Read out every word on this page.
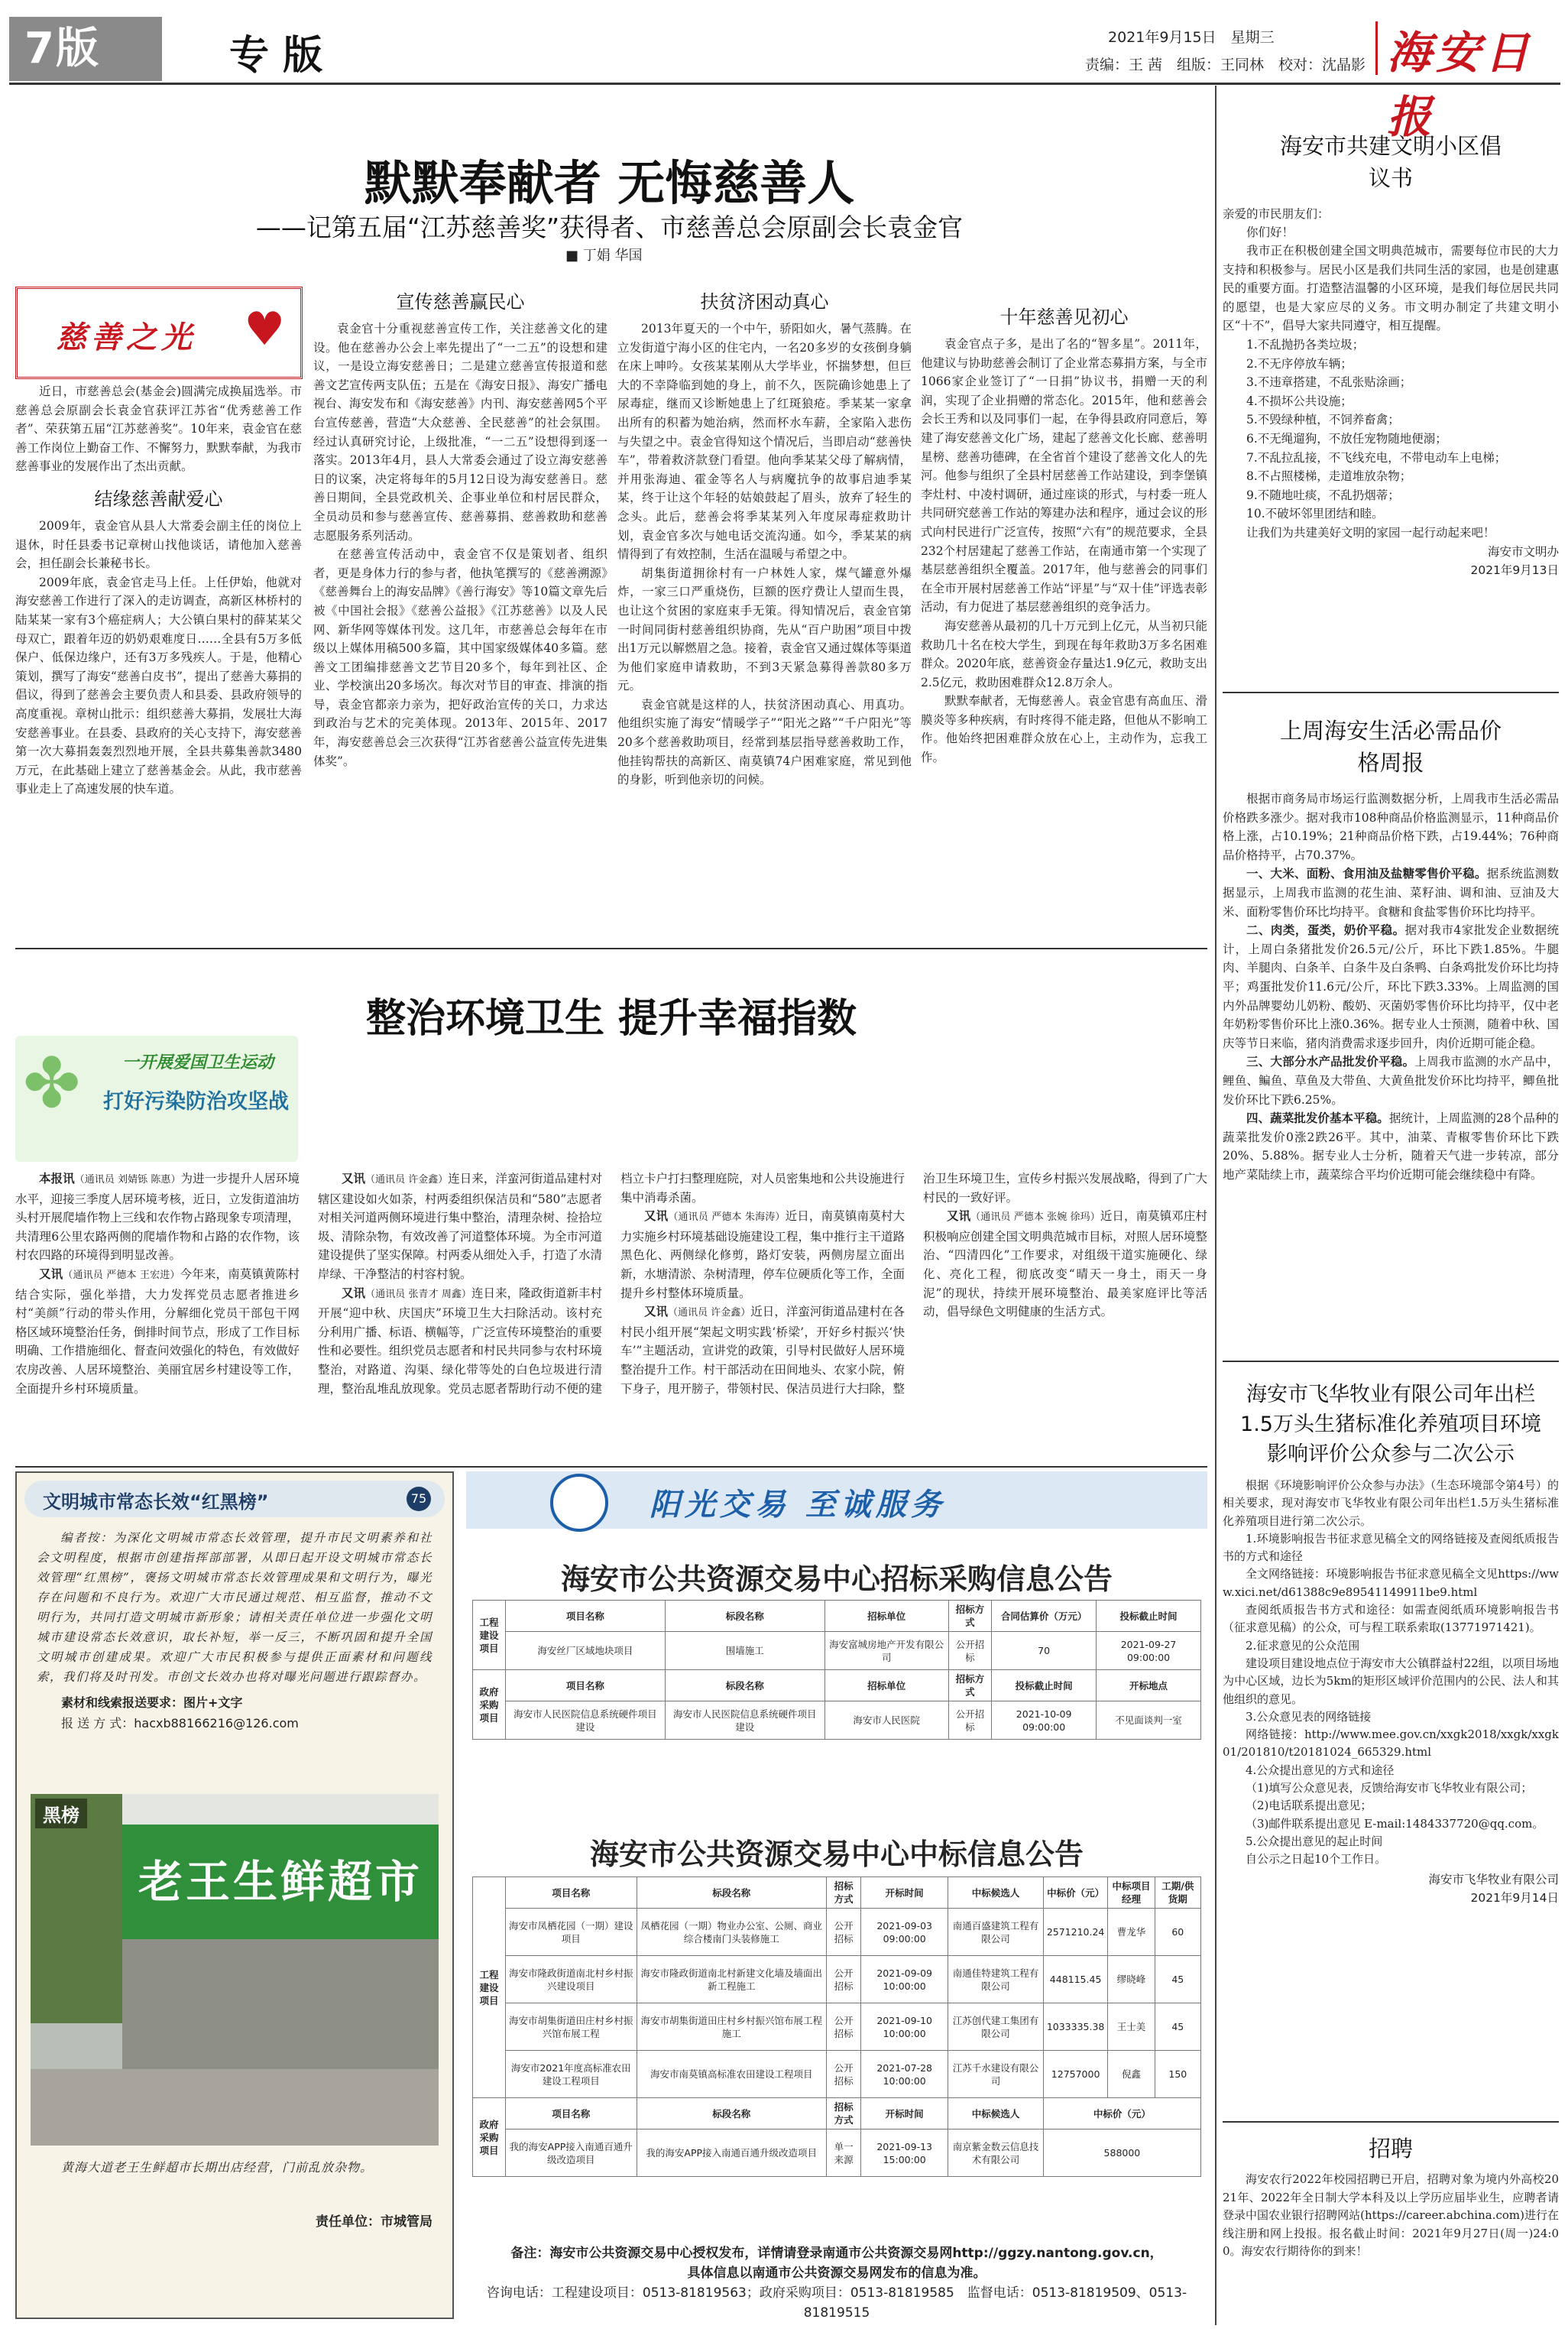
7版	专 版	2021年9月15日　星期三
责编：王 茜　组版：王同林　校对：沈晶影 海安日报
默默奉献者 无悔慈善人
——记第五届“江苏慈善奖”获得者、市慈善总会原副会长袁金官
■ 丁娟 华国
慈善之光	♥

近日，市慈善总会(基金会)圆满完成换届选举。市慈善总会原副会长袁金官获评江苏省“优秀慈善工作者”、荣获第五届“江苏慈善奖”。10年来，袁金官在慈善工作岗位上勤奋工作、不懈努力，默默奉献，为我市慈善事业的发展作出了杰出贡献。

结缘慈善献爱心

2009年，袁金官从县人大常委会副主任的岗位上退休，时任县委书记章树山找他谈话，请他加入慈善会，担任副会长兼秘书长。

2009年底，袁金官走马上任。上任伊始，他就对海安慈善工作进行了深入的走访调查，高新区林桥村的陆某某一家有3个癌症病人；大公镇白果村的薛某某父母双亡，跟着年迈的奶奶艰难度日……全县有5万多低保户、低保边缘户，还有3万多残疾人。于是，他精心策划，撰写了海安“慈善白皮书”，提出了慈善大募捐的倡议，得到了慈善会主要负责人和县委、县政府领导的高度重视。章树山批示：组织慈善大募捐，发展壮大海安慈善事业。在县委、县政府的关心支持下，海安慈善第一次大募捐轰轰烈烈地开展，全县共募集善款3480万元，在此基础上建立了慈善基金会。从此，我市慈善事业走上了高速发展的快车道。

宣传慈善赢民心

袁金官十分重视慈善宣传工作，关注慈善文化的建设。他在慈善办公会上率先提出了“一二五”的设想和建议，一是设立海安慈善日；二是建立慈善宣传报道和慈善文艺宣传两支队伍；五是在《海安日报》、海安广播电视台、海安发布和《海安慈善》内刊、海安慈善网5个平台宣传慈善，营造“大众慈善、全民慈善”的社会氛围。经过认真研究讨论，上级批准，“一二五”设想得到逐一落实。2013年4月，县人大常委会通过了设立海安慈善日的议案，决定将每年的5月12日设为海安慈善日。慈善日期间，全县党政机关、企事业单位和村居民群众，全员动员和参与慈善宣传、慈善募捐、慈善救助和慈善志愿服务系列活动。

在慈善宣传活动中，袁金官不仅是策划者、组织者，更是身体力行的参与者，他执笔撰写的《慈善溯源》《慈善舞台上的海安品牌》《善行海安》等10篇文章先后被《中国社会报》《慈善公益报》《江苏慈善》以及人民网、新华网等媒体刊发。这几年，市慈善总会每年在市级以上媒体用稿500多篇，其中国家级媒体40多篇。慈善文工团编排慈善文艺节目20多个，每年到社区、企业、学校演出20多场次。每次对节目的审查、排演的指导，袁金官都亲力亲为，把好政治宣传的关口，力求达到政治与艺术的完美体现。2013年、2015年、2017年，海安慈善总会三次获得“江苏省慈善公益宣传先进集体奖”。

扶贫济困动真心

2013年夏天的一个中午，骄阳如火，暑气蒸腾。在立发街道宁海小区的住宅内，一名20多岁的女孩倒身躺在床上呻吟。女孩某某刚从大学毕业，怀揣梦想，但巨大的不幸降临到她的身上，前不久，医院确诊她患上了尿毒症，继而又诊断她患上了红斑狼疮。季某某一家拿出所有的积蓄为她治病，然而杯水车薪，全家陷入悲伤与失望之中。袁金官得知这个情况后，当即启动“慈善快车”，带着救济款登门看望。他向季某某父母了解病情，并用张海迪、霍金等名人与病魔抗争的故事启迪季某某，终于让这个年轻的姑娘鼓起了眉头，放弃了轻生的念头。此后，慈善会将季某某列入年度尿毒症救助计划，袁金官多次与她电话交流沟通。如今，季某某的病情得到了有效控制，生活在温暖与希望之中。

胡集街道拥徐村有一户林姓人家，煤气罐意外爆炸，一家三口严重烧伤，巨额的医疗费让人望而生畏，也让这个贫困的家庭束手无策。得知情况后，袁金官第一时间同街村慈善组织协商，先从“百户助困”项目中拨出1万元以解燃眉之急。接着，袁金官又通过媒体等渠道为他们家庭申请救助，不到3天紧急募得善款80多万元。

袁金官就是这样的人，扶贫济困动真心、用真功。他组织实施了海安“情暖学子”“阳光之路”“千户阳光”等20多个慈善救助项目，经常到基层指导慈善救助工作，他挂钩帮扶的高新区、南莫镇74户困难家庭，常见到他的身影，听到他亲切的问候。

十年慈善见初心

袁金官点子多，是出了名的“智多星”。2011年，他建议与协助慈善会制订了企业常态募捐方案，与全市1066家企业签订了“一日捐”协议书，捐赠一天的利润，实现了企业捐赠的常态化。2015年，他和慈善会会长王秀和以及同事们一起，在争得县政府同意后，筹建了海安慈善文化广场，建起了慈善文化长廊、慈善明星榜、慈善功德碑，在全省首个建设了慈善文化人的先河。他参与组织了全县村居慈善工作站建设，到李堡镇李灶村、中凌村调研，通过座谈的形式，与村委一班人共同研究慈善工作站的筹建办法和程序，通过会议的形式向村民进行广泛宣传，按照“六有”的规范要求，全县232个村居建起了慈善工作站，在南通市第一个实现了基层慈善组织全覆盖。2017年，他与慈善会的同事们在全市开展村居慈善工作站“评星”与“双十佳”评选表彰活动，有力促进了基层慈善组织的竞争活力。

海安慈善从最初的几十万元到上亿元，从当初只能救助几十名在校大学生，到现在每年救助3万多名困难群众。2020年底，慈善资金存量达1.9亿元，救助支出2.5亿元，救助困难群众12.8万余人。

默默奉献者，无悔慈善人。袁金官患有高血压、滑膜炎等多种疾病，有时疼得不能走路，但他从不影响工作。他始终把困难群众放在心上，主动作为，忘我工作。

整治环境卫生 提升幸福指数
✤ 一开展爱国卫生运动
打好污染防治攻坚战

本报讯（通讯员 刘婧铄 陈惠）为进一步提升人居环境水平，迎接三季度人居环境考核，近日，立发街道油坊头村开展爬墙作物上三线和农作物占路现象专项清理，共清理6公里农路两侧的爬墙作物和占路的农作物，该村农四路的环境得到明显改善。

又讯（通讯员 严德本 王宏进）今年来，南莫镇黄陈村结合实际，强化举措，大力发挥党员志愿者推进乡村“美颜”行动的带头作用，分解细化党员干部包干网格区域环境整治任务，倒排时间节点，形成了工作目标明确、工作措施细化、督查问效强化的特色，有效做好农房改善、人居环境整治、美丽宜居乡村建设等工作，全面提升乡村环境质量。

又讯（通讯员 许金鑫）连日来，洋蛮河街道品建村对辖区建设如火如荼，村两委组织保洁员和“580”志愿者对相关河道两侧环境进行集中整治，清理杂树、捡拾垃圾、清除杂物，有效改善了河道整体环境。为全市河道建设提供了坚实保障。村两委从细处入手，打造了水清岸绿、干净整洁的村容村貌。

又讯（通讯员 张青才 周鑫）连日来，隆政街道新丰村开展“迎中秋、庆国庆”环境卫生大扫除活动。该村充分利用广播、标语、横幅等，广泛宣传环境整治的重要性和必要性。组织党员志愿者和村民共同参与农村环境整治，对路道、沟渠、绿化带等处的白色垃圾进行清理，整治乱堆乱放现象。党员志愿者帮助行动不便的建档立卡户打扫整理庭院，对人员密集地和公共设施进行集中消毒杀菌。

又讯（通讯员 严德本 朱海涛）近日，南莫镇南莫村大力实施乡村环境基础设施建设工程，集中推行主干道路黑色化、两侧绿化修剪，路灯安装，两侧房屋立面出新，水塘清淤、杂树清理，停车位硬质化等工作，全面提升乡村整体环境质量。

又讯（通讯员 许金鑫）近日，洋蛮河街道品建村在各村民小组开展“架起文明实践‘桥梁’，开好乡村振兴‘快车’”主题活动，宣讲党的政策，引导村民做好人居环境整治提升工作。村干部活动在田间地头、农家小院，俯下身子，甩开膀子，带领村民、保洁员进行大扫除，整治卫生环境卫生，宣传乡村振兴发展战略，得到了广大村民的一致好评。

又讯（通讯员 严德本 张婉 徐玛）近日，南莫镇邓庄村积极响应创建全国文明典范城市目标，对照人居环境整治、“四清四化”工作要求，对组级干道实施硬化、绿化、亮化工程，彻底改变“晴天一身土，雨天一身泥”的现状，持续开展环境整治、最美家庭评比等活动，倡导绿色文明健康的生活方式。

文明城市常态长效“红黑榜”	75

编者按：为深化文明城市常态长效管理，提升市民文明素养和社会文明程度，根据市创建指挥部部署，从即日起开设文明城市常态长效管理“红黑榜”，褒扬文明城市常态长效管理成果和文明行为，曝光存在问题和不良行为。欢迎广大市民通过规范、相互监督，推动不文明行为，共同打造文明城市新形象；请相关责任单位进一步强化文明城市建设常态长效意识，取长补短，举一反三，不断巩固和提升全国文明城市创建成果。欢迎广大市民积极参与提供正面素材和问题线索，我们将及时刊发。市创文长效办也将对曝光问题进行跟踪督办。

素材和线索报送要求：图片+文字
报 送 方 式：hacxb88166216@126.com
老王生鲜超市
黑榜

黄海大道老王生鲜超市长期出店经营，门前乱放杂物。

责任单位：市城管局
阳光交易 至诚服务
海安市公共资源交易中心招标采购信息公告
工程建设项目	项目名称	标段名称	招标单位	招标方式	合同估算价（万元）	投标截止时间
	海安丝厂区域地块项目	围墙施工	海安富城房地产开发有限公司	公开招标	70	2021-09-27 09:00:00
政府采购项目	项目名称	标段名称	招标单位	招标方式	投标截止时间	开标地点
	海安市人民医院信息系统硬件项目建设	海安市人民医院信息系统硬件项目建设	海安市人民医院	公开招标	2021-10-09 09:00:00	不见面谈判一室
海安市公共资源交易中心中标信息公告
工程建设项目	项目名称	标段名称	招标方式	开标时间	中标候选人	中标价（元）	中标项目经理	工期/供货期
	海安市凤栖花园（一期）建设项目	凤栖花园（一期）物业办公室、公厕、商业综合楼南门头装修施工	公开招标	2021-09-03 09:00:00	南通百盛建筑工程有限公司	2571210.24	曹龙华	60
	海安市隆政街道南北村乡村振兴建设项目	海安市隆政街道南北村新建文化墙及墙面出新工程施工	公开招标	2021-09-09 10:00:00	南通佳特建筑工程有限公司	448115.45	缪晓峰	45
	海安市胡集街道田庄村乡村振兴馆布展工程	海安市胡集街道田庄村乡村振兴馆布展工程施工	公开招标	2021-09-10 10:00:00	江苏创代建工集团有限公司	1033335.38	王士美	45
	海安市2021年度高标准农田建设工程项目	海安市南莫镇高标准农田建设工程项目	公开招标	2021-07-28 10:00:00	江苏千水建设有限公司	12757000	倪鑫	150
政府采购项目	项目名称	标段名称	招标方式	开标时间	中标候选人	中标价（元）		
	我的海安APP接入南通百通升级改造项目	我的海安APP接入南通百通升级改造项目	单一来源	2021-09-13 15:00:00	南京紫金数云信息技术有限公司	588000		
备注：海安市公共资源交易中心授权发布，详情请登录南通市公共资源交易网http://ggzy.nantong.gov.cn，
具体信息以南通市公共资源交易网发布的信息为准。
咨询电话：工程建设项目：0513-81819563；政府采购项目：0513-81819585　监督电话：0513-81819509、0513-81819515
海安市共建文明小区倡议书
亲爱的市民朋友们：
你们好！

我市正在积极创建全国文明典范城市，需要每位市民的大力支持和积极参与。居民小区是我们共同生活的家园，也是创建惠民的重要方面。打造整洁温馨的小区环境，是我们每位居民共同的愿望，也是大家应尽的义务。市文明办制定了共建文明小区“十不”，倡导大家共同遵守，相互提醒。

1.不乱抛扔各类垃圾；
2.不无序停放车辆；
3.不违章搭建，不乱张贴涂画；
4.不损坏公共设施；
5.不毁绿种植，不饲养畜禽；
6.不无绳遛狗，不放任宠物随地便溺；
7.不乱拉乱接，不飞线充电，不带电动车上电梯；
8.不占照楼梯，走道堆放杂物；
9.不随地吐痰，不乱扔烟蒂；
10.不破坏邻里团结和睦。

让我们为共建美好文明的家园一起行动起来吧！

海安市文明办
2021年9月13日
上周海安生活必需品价格周报

根据市商务局市场运行监测数据分析，上周我市生活必需品价格跌多涨少。据对我市108种商品价格监测显示，11种商品价格上涨，占10.19%；21种商品价格下跌，占19.44%；76种商品价格持平，占70.37%。

一、大米、面粉、食用油及盐糖零售价平稳。据系统监测数据显示，上周我市监测的花生油、菜籽油、调和油、豆油及大米、面粉零售价环比均持平。食糖和食盐零售价环比均持平。

二、肉类，蛋类，奶价平稳。据对我市4家批发企业数据统计，上周白条猪批发价26.5元/公斤，环比下跌1.85%。牛腿肉、羊腿肉、白条羊、白条牛及白条鸭、白条鸡批发价环比均持平；鸡蛋批发价11.6元/公斤，环比下跌3.33%。上周监测的国内外品牌婴幼儿奶粉、酸奶、灭菌奶零售价环比均持平，仅中老年奶粉零售价环比上涨0.36%。据专业人士预测，随着中秋、国庆等节日来临，猪肉消费需求逐步回升，肉价近期可能企稳。

三、大部分水产品批发价平稳。上周我市监测的水产品中，鲤鱼、鳊鱼、草鱼及大带鱼、大黄鱼批发价环比均持平，鲫鱼批发价环比下跌6.25%。

四、蔬菜批发价基本平稳。据统计，上周监测的28个品种的蔬菜批发价0涨2跌26平。其中，油菜、青椒零售价环比下跌20%、5.88%。据专业人士分析，随着天气进一步转凉，部分地产菜陆续上市，蔬菜综合平均价近期可能会继续稳中有降。

海安市飞华牧业有限公司年出栏1.5万头生猪标准化养殖项目环境影响评价公众参与二次公示
根据《环境影响评价公众参与办法》（生态环境部令第4号）的相关要求，现对海安市飞华牧业有限公司年出栏1.5万头生猪标准化养殖项目进行第二次公示。
1.环境影响报告书征求意见稿全文的网络链接及查阅纸质报告书的方式和途径
全文网络链接：环境影响报告书征求意见稿全文见https://www.xici.net/d61388c9e89541149911be9.html
查阅纸质报告书方式和途径：如需查阅纸质环境影响报告书（征求意见稿）的公众，可与程工联系索取(13771971421)。
2.征求意见的公众范围
建设项目建设地点位于海安市大公镇群益村22组，以项目场地为中心区域，边长为5km的矩形区域评价范围内的公民、法人和其他组织的意见。
3.公众意见表的网络链接
网络链接：http://www.mee.gov.cn/xxgk2018/xxgk/xxgk01/201810/t20181024_665329.html
4.公众提出意见的方式和途径
（1)填写公众意见表，反馈给海安市飞华牧业有限公司；
（2)电话联系提出意见；
（3)邮件联系提出意见 E-mail:1484337720@qq.com。
5.公众提出意见的起止时间
自公示之日起10个工作日。
海安市飞华牧业有限公司
2021年9月14日
招聘

海安农行2022年校园招聘已开启，招聘对象为境内外高校2021年、2022年全日制大学本科及以上学历应届毕业生，应聘者请登录中国农业银行招聘网站(https://career.abchina.com)进行在线注册和网上投报。报名截止时间：2021年9月27日(周一)24:00。海安农行期待你的到来！
